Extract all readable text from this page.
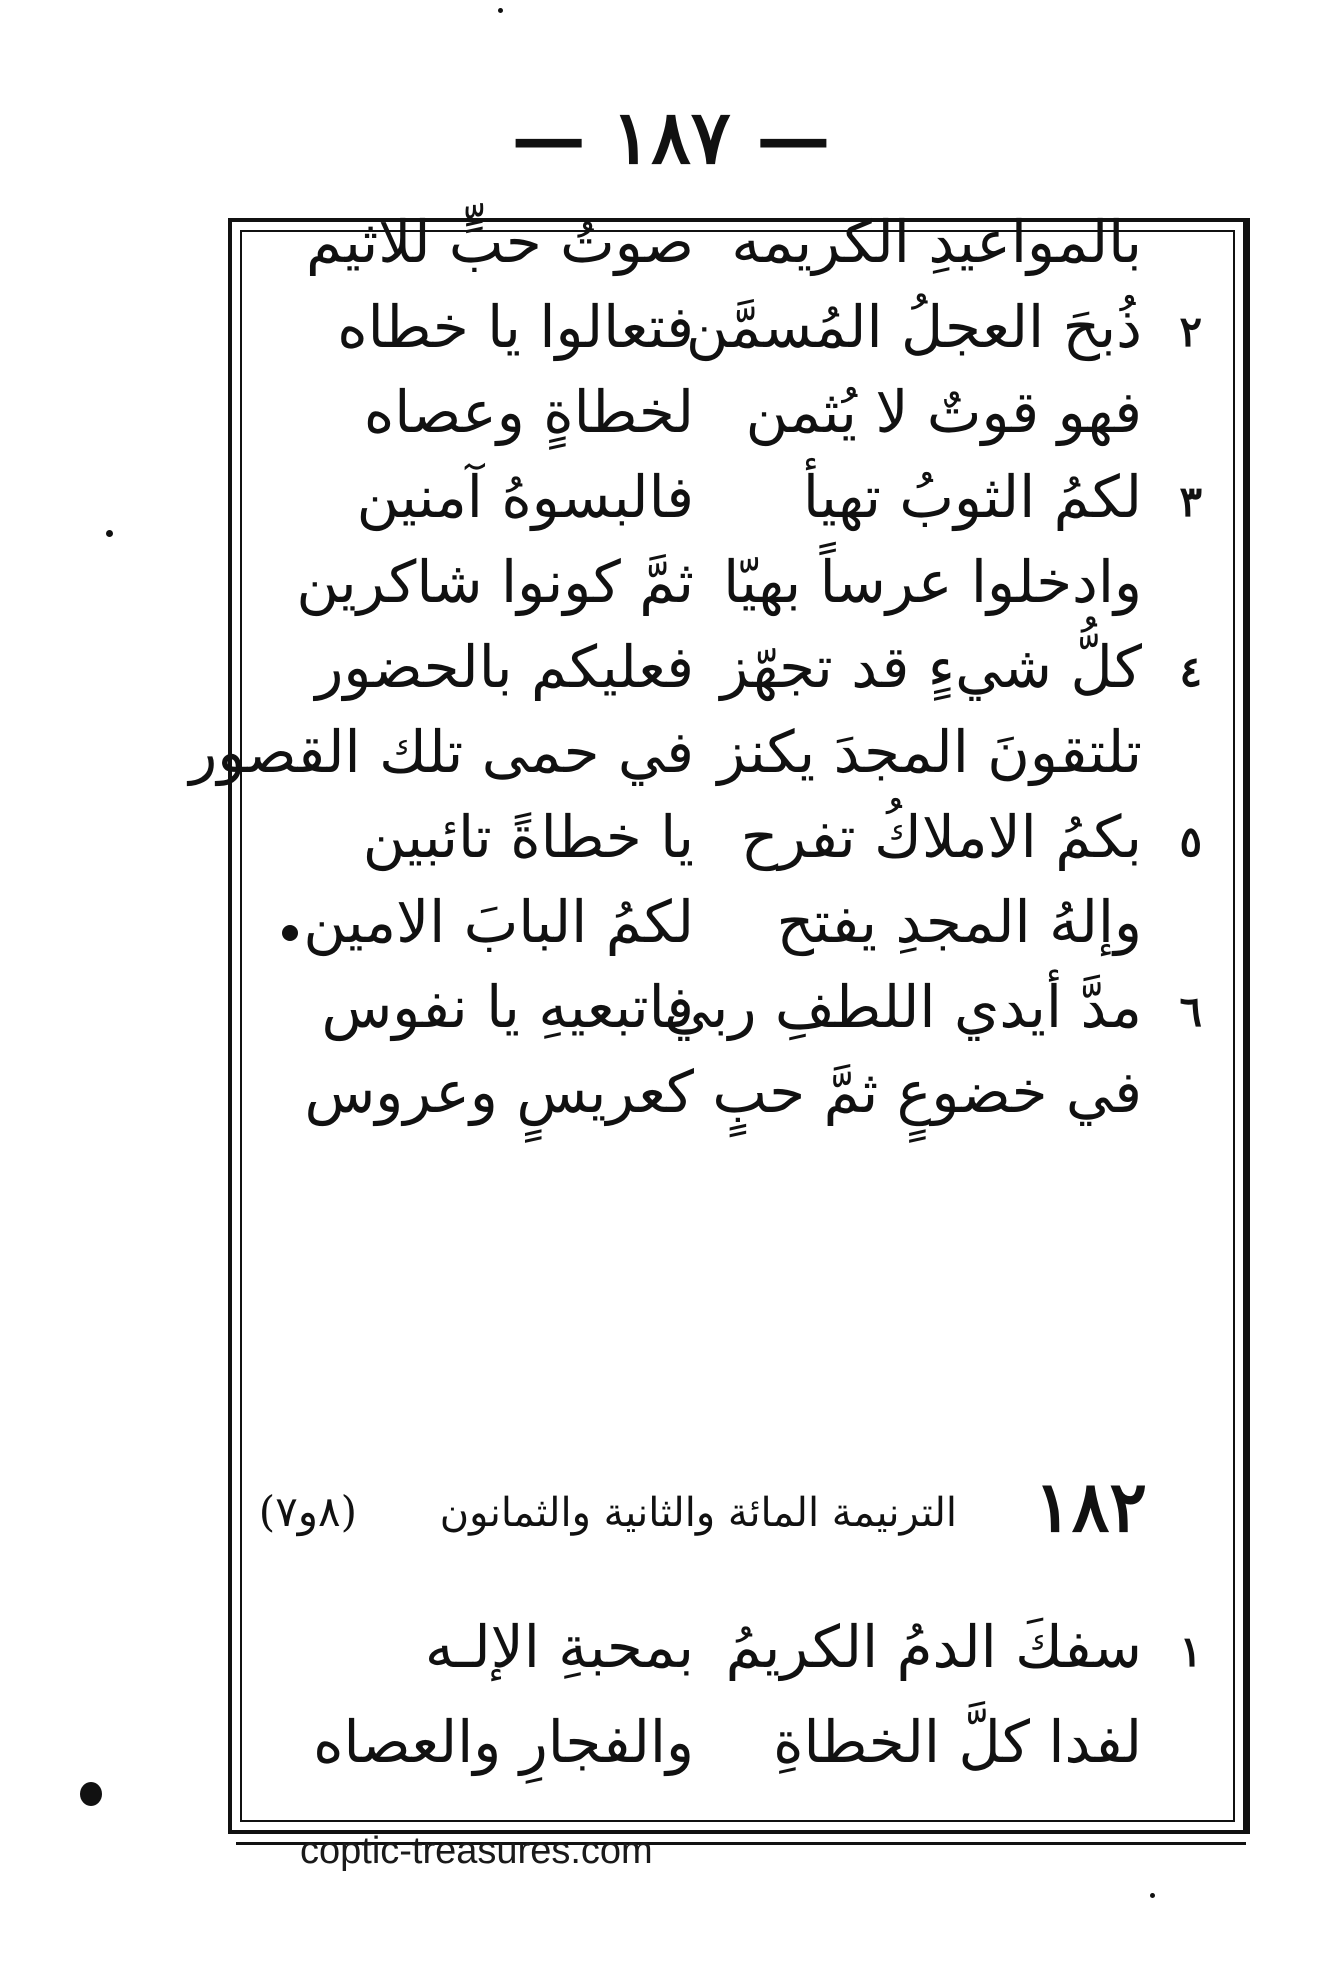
— ١٨٧ —
بالمواعيدِ الكريمه
صوتُ حبٍّ للاثيم
٢
ذُبحَ العجلُ المُسمَّن
فتعالوا يا خطاه
فهو قوتٌ لا يُثمن
لخطاةٍ وعصاه
٣
لكمُ الثوبُ تهيأ
فالبسوهُ آمنين
وادخلوا عرساً بهيّا
ثمَّ كونوا شاكرين
٤
كلُّ شيءٍ قد تجهّز
فعليكم بالحضور
تلتقونَ المجدَ يكنز
في حمى تلك القصور
٥
بكمُ الاملاكُ تفرح
يا خطاةً تائبين
وإلهُ المجدِ يفتح
لكمُ البابَ الامين
٦
مدَّ أيدي اللطفِ ربي
فاتبعيهِ يا نفوس
في خضوعٍ ثمَّ حبٍ
كعريسٍ وعروس
١٨٢
الترنيمة المائة والثانية والثمانون
(٨و٧)
١
سفكَ الدمُ الكريمُ
بمحبةِ الإلـه
لفدا كلَّ الخطاةِ
والفجارِ والعصاه
coptic-treasures.com
